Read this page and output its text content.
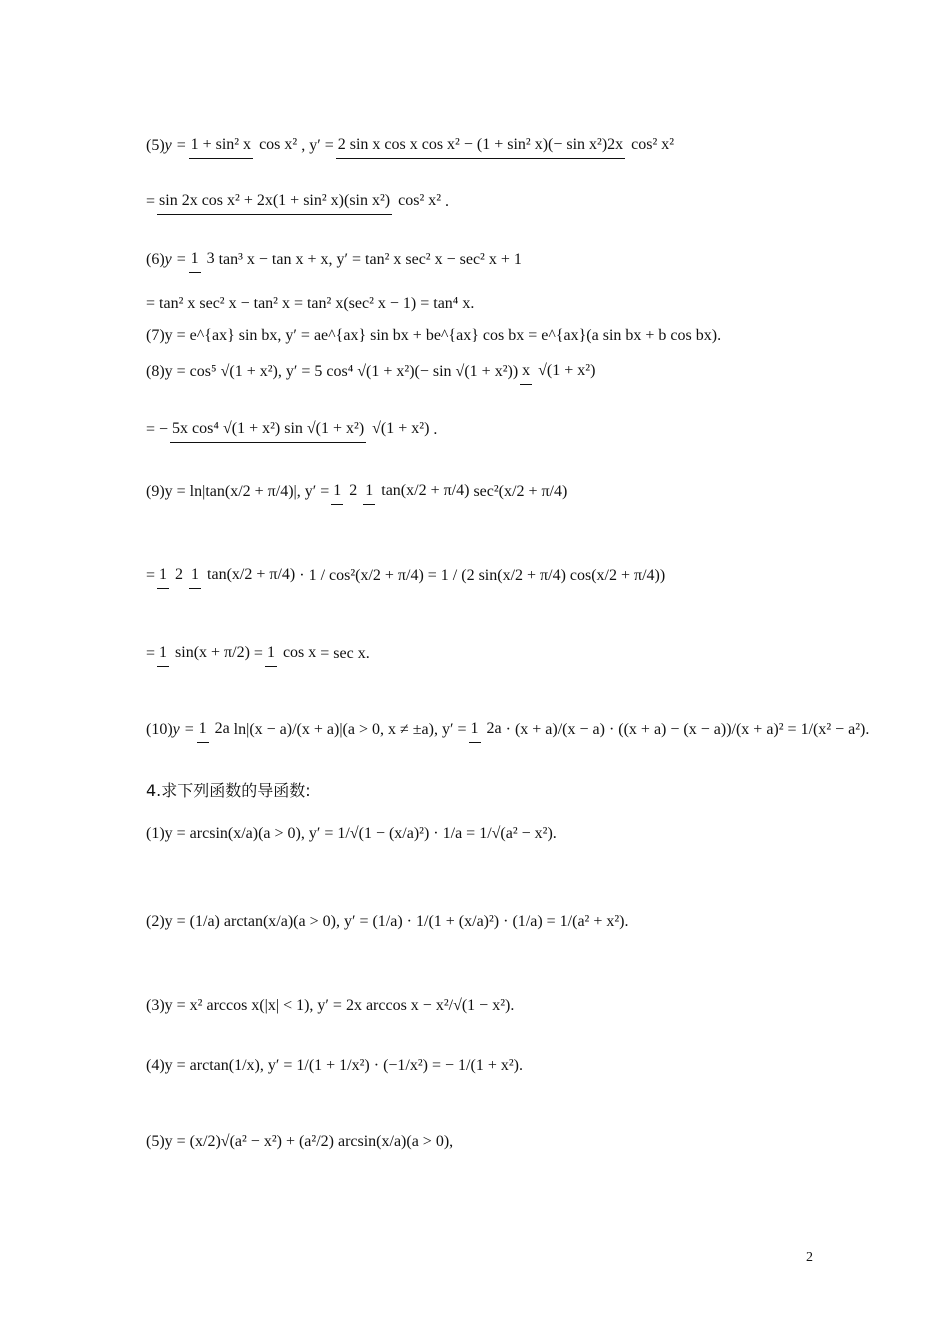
(5) y = 1 + sin² x cos x² , y′ = 2 sin x cos x cos x² − (1 + sin² x)(− sin x²)2x cos² x²
= sin 2x cos x² + 2x(1 + sin² x)(sin x²) cos² x² .
(6) y = 1 3 tan³ x − tan x + x, y′ = tan² x sec² x − sec² x + 1
= tan² x sec² x − tan² x = tan² x(sec² x − 1) = tan⁴ x.
(7) y = e^{ax} sin bx, y′ = ae^{ax} sin bx + be^{ax} cos bx = e^{ax}(a sin bx + b cos bx).
(8) y = cos⁵ √(1 + x²), y′ = 5 cos⁴ √(1 + x²)(− sin √(1 + x²)) x √(1 + x²)
= − 5x cos⁴ √(1 + x²) sin √(1 + x²) √(1 + x²) .
(9) y = ln|tan(x/2 + π/4)|, y′ = 1 2 1 tan(x/2 + π/4) sec²(x/2 + π/4)
= 1 2 1 tan(x/2 + π/4) · 1 / cos²(x/2 + π/4) = 1 / (2 sin(x/2 + π/4) cos(x/2 + π/4))
= 1 sin(x + π/2) = 1 cos x = sec x.
(10) y = 1 2a ln|(x − a)/(x + a)|(a > 0, x ≠ ±a), y′ = 1 2a · (x + a)/(x − a) · ((x + a) − (x − a))/(x + a)² = 1/(x² − a²).
4.求下列函数的导函数:
(1) y = arcsin(x/a)(a > 0), y′ = 1/√(1 − (x/a)²) · 1/a = 1/√(a² − x²).
(2) y = (1/a) arctan(x/a)(a > 0), y′ = (1/a) · 1/(1 + (x/a)²) · (1/a) = 1/(a² + x²).
(3) y = x² arccos x(|x| < 1), y′ = 2x arccos x − x²/√(1 − x²).
(4) y = arctan(1/x), y′ = 1/(1 + 1/x²) · (−1/x²) = − 1/(1 + x²).
(5) y = (x/2)√(a² − x²) + (a²/2) arcsin(x/a)(a > 0),
2
